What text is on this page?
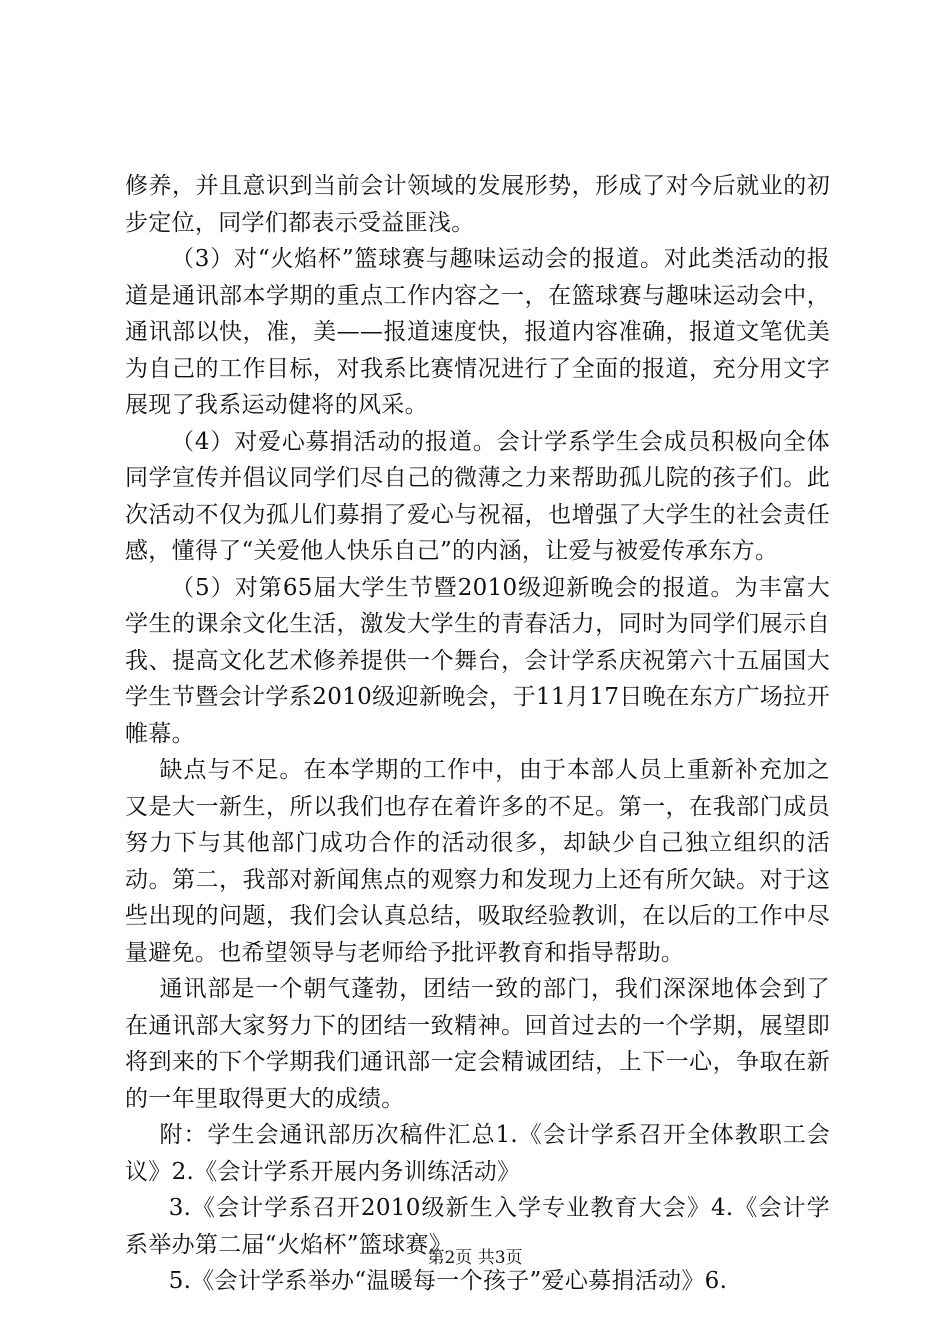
修养，并且意识到当前会计领域的发展形势，形成了对今后就业的初步定位，同学们都表示受益匪浅。

（3）对“火焰杯”篮球赛与趣味运动会的报道。对此类活动的报道是通讯部本学期的重点工作内容之一，在篮球赛与趣味运动会中，通讯部以快，准，美——报道速度快，报道内容准确，报道文笔优美为自己的工作目标，对我系比赛情况进行了全面的报道，充分用文字展现了我系运动健将的风采。

（4）对爱心募捐活动的报道。会计学系学生会成员积极向全体同学宣传并倡议同学们尽自己的微薄之力来帮助孤儿院的孩子们。此次活动不仅为孤儿们募捐了爱心与祝福，也增强了大学生的社会责任感，懂得了“关爱他人快乐自己”的内涵，让爱与被爱传承东方。

（5）对第65届大学生节暨2010级迎新晚会的报道。为丰富大学生的课余文化生活，激发大学生的青春活力，同时为同学们展示自我、提高文化艺术修养提供一个舞台，会计学系庆祝第六十五届国大学生节暨会计学系2010级迎新晚会，于11月17日晚在东方广场拉开帷幕。

缺点与不足。在本学期的工作中，由于本部人员上重新补充加之又是大一新生，所以我们也存在着许多的不足。第一，在我部门成员努力下与其他部门成功合作的活动很多，却缺少自己独立组织的活动。第二，我部对新闻焦点的观察力和发现力上还有所欠缺。对于这些出现的问题，我们会认真总结，吸取经验教训，在以后的工作中尽量避免。也希望领导与老师给予批评教育和指导帮助。

通讯部是一个朝气蓬勃，团结一致的部门，我们深深地体会到了在通讯部大家努力下的团结一致精神。回首过去的一个学期，展望即将到来的下个学期我们通讯部一定会精诚团结，上下一心，争取在新的一年里取得更大的成绩。

附：学生会通讯部历次稿件汇总1.《会计学系召开全体教职工会议》2.《会计学系开展内务训练活动》

3.《会计学系召开2010级新生入学专业教育大会》4.《会计学系举办第二届“火焰杯”篮球赛》

5.《会计学系举办“温暖每一个孩子”爱心募捐活动》6.

第2页 共3页
